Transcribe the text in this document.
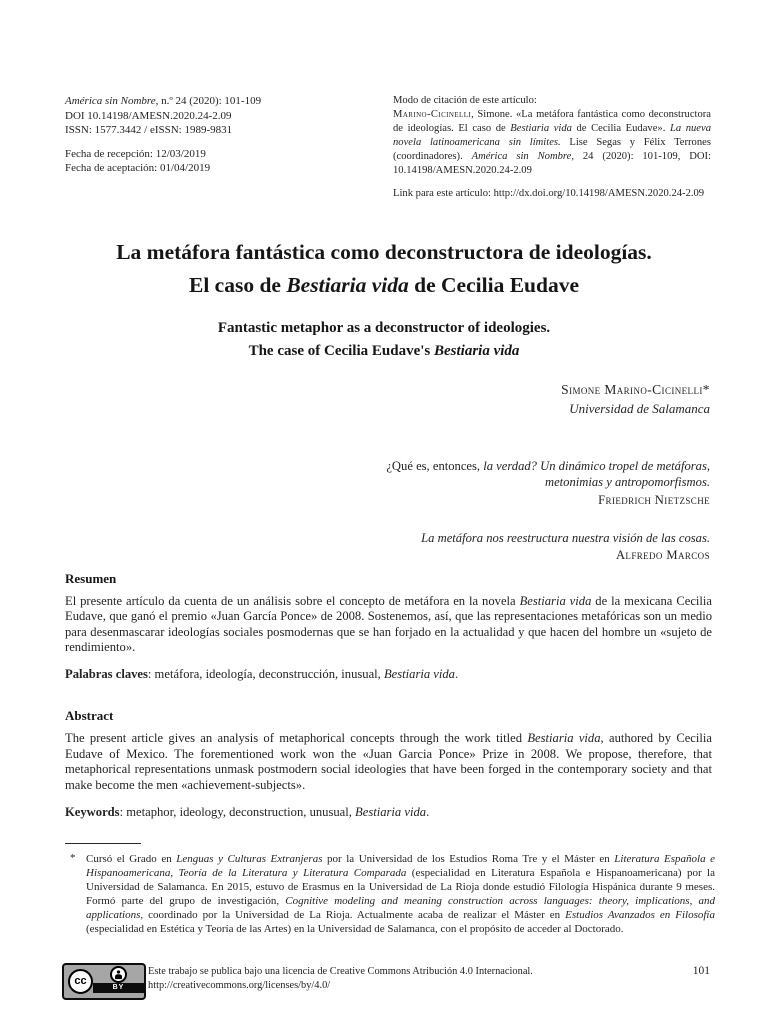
América sin Nombre, n.º 24 (2020): 101-109

DOI 10.14198/AMESN.2020.24-2.09

ISSN: 1577.3442 / eISSN: 1989-9831

Fecha de recepción: 12/03/2019

Fecha de aceptación: 01/04/2019

Modo de citación de este artículo:

Marino-Cicinelli, Simone. «La metáfora fantástica como deconstructora de ideologías. El caso de Bestiaria vida de Cecilia Eudave». La nueva novela latinoamericana sin límites. Lise Segas y Félix Terrones (coordinadores). América sin Nombre, 24 (2020): 101-109, DOI: 10.14198/AMESN.2020.24-2.09

Link para este artículo: http://dx.doi.org/10.14198/AMESN.2020.24-2.09

La metáfora fantástica como deconstructora de ideologías.
El caso de Bestiaria vida de Cecilia Eudave
Fantastic metaphor as a deconstructor of ideologies.
The case of Cecilia Eudave's Bestiaria vida

Simone Marino-Cicinelli*

Universidad de Salamanca

¿Qué es, entonces, la verdad? Un dinámico tropel de metáforas, metonimias y antropomorfismos.
Friedrich Nietzsche
La metáfora nos reestructura nuestra visión de las cosas.
Alfredo Marcos
Resumen

El presente artículo da cuenta de un análisis sobre el concepto de metáfora en la novela Bestiaria vida de la mexicana Cecilia Eudave, que ganó el premio «Juan García Ponce» de 2008. Sostenemos, así, que las representaciones metafóricas son un medio para desenmascarar ideologías sociales posmodernas que se han forjado en la actualidad y que hacen del hombre un «sujeto de rendimiento».

Palabras claves: metáfora, ideología, deconstrucción, inusual, Bestiaria vida.

Abstract

The present article gives an analysis of metaphorical concepts through the work titled Bestiaria vida, authored by Cecilia Eudave of Mexico. The forementioned work won the «Juan Garcia Ponce» Prize in 2008. We propose, therefore, that metaphorical representations unmask postmodern social ideologies that have been forged in the contemporary society and that make become the men «achievement-subjects».

Keywords: metaphor, ideology, deconstruction, unusual, Bestiaria vida.

* Cursó el Grado en Lenguas y Culturas Extranjeras por la Universidad de los Estudios Roma Tre y el Máster en Literatura Española e Hispanoamericana, Teoría de la Literatura y Literatura Comparada (especialidad en Literatura Española e Hispanoamericana) por la Universidad de Salamanca. En 2015, estuvo de Erasmus en la Universidad de La Rioja donde estudió Filología Hispánica durante 9 meses. Formó parte del grupo de investigación, Cognitive modeling and meaning construction across languages: theory, implications, and applications, coordinado por la Universidad de La Rioja. Actualmente acaba de realizar el Máster en Estudios Avanzados en Filosofía (especialidad en Estética y Teoría de las Artes) en la Universidad de Salamanca, con el propósito de acceder al Doctorado.

cc
BY

Este trabajo se publica bajo una licencia de Creative Commons Atribución 4.0 Internacional.

http://creativecommons.org/licenses/by/4.0/

101
